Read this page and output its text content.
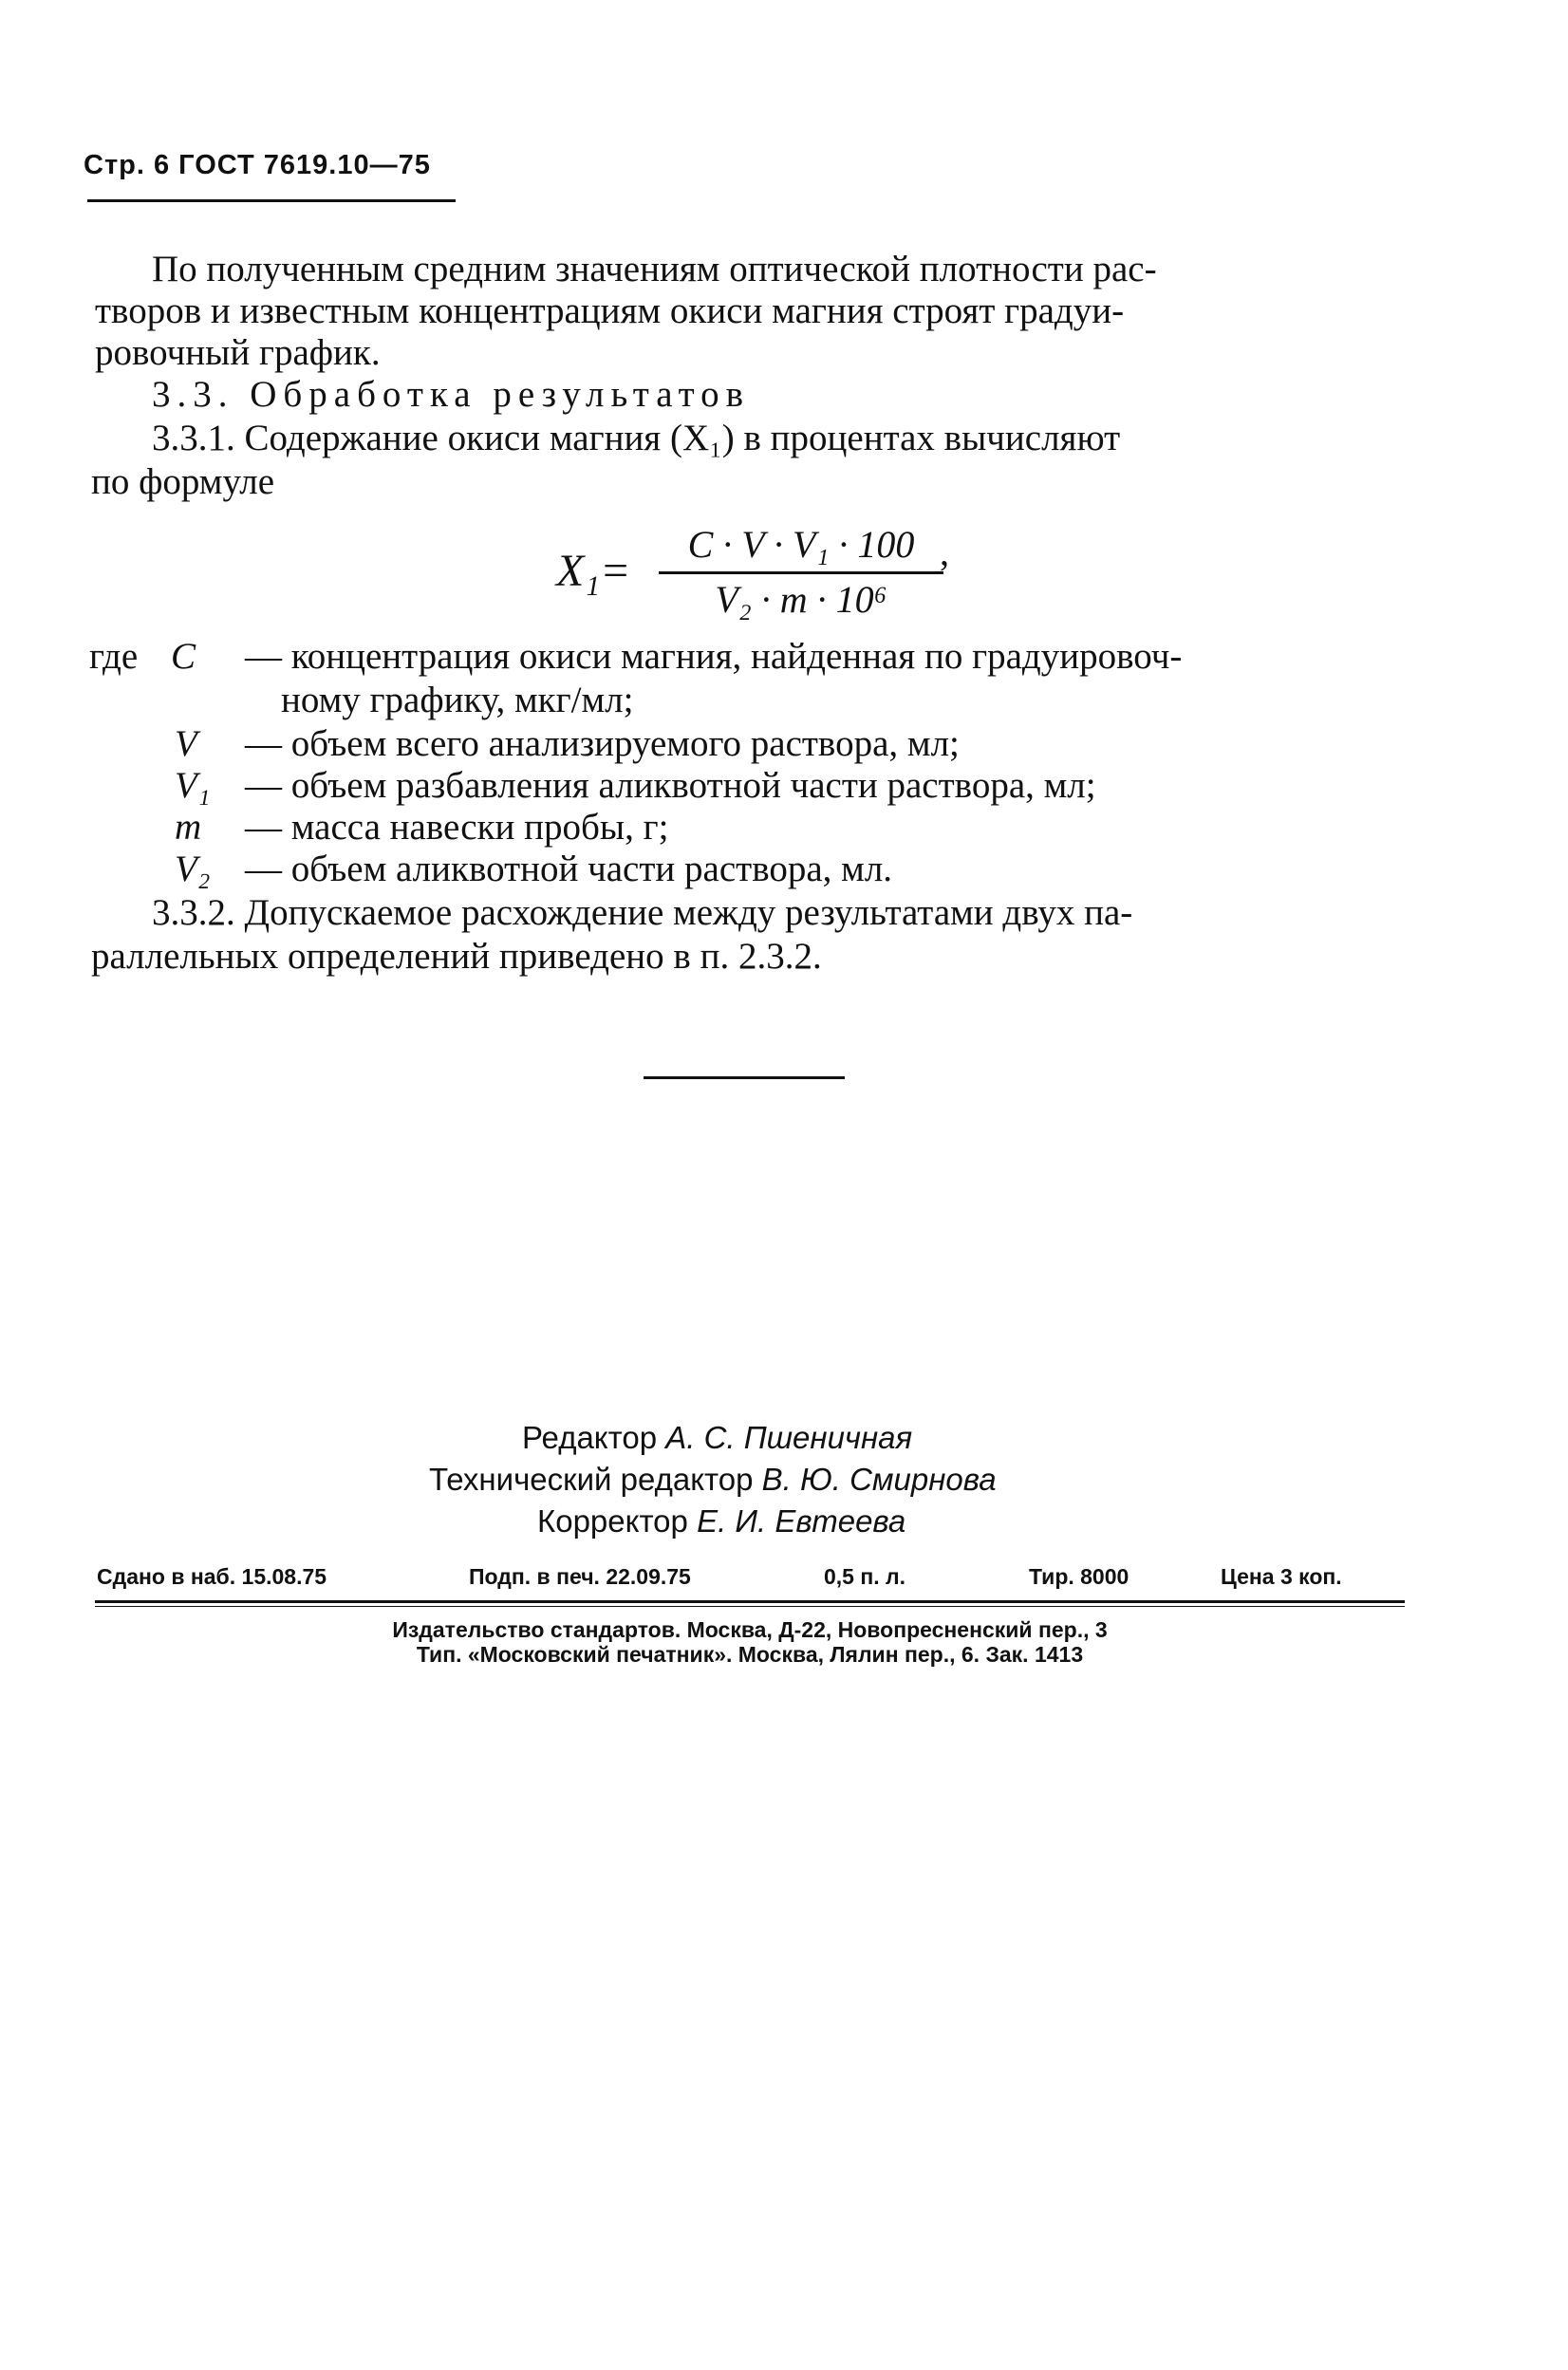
Стр. 6 ГОСТ 7619.10—75
По полученным средним значениям оптической плотности рас-
творов и известным концентрациям окиси магния строят градуи-
ровочный график.
3.3. Обработка результатов
3.3.1. Содержание окиси магния (X₁) в процентах вычисляют
по формуле
X₁=
C · V · V₁ · 100
V₂ · m · 10⁶
,
где C — концентрация окиси магния, найденная по градуировоч-
ному графику, мкг/мл;
V — объем всего анализируемого раствора, мл;
V₁ — объем разбавления аликвотной части раствора, мл;
m — масса навески пробы, г;
V₂ — объем аликвотной части раствора, мл.
3.3.2. Допускаемое расхождение между результатами двух па-
раллельных определений приведено в п. 2.3.2.
Редактор А. С. Пшеничная
Технический редактор В. Ю. Смирнова
Корректор Е. И. Евтеева
Сдано в наб. 15.08.75	Подп. в печ. 22.09.75	0,5 п. л.	Тир. 8000	Цена 3 коп.
Издательство стандартов. Москва, Д-22, Новопресненский пер., 3
Тип. «Московский печатник». Москва, Лялин пер., 6. Зак. 1413
